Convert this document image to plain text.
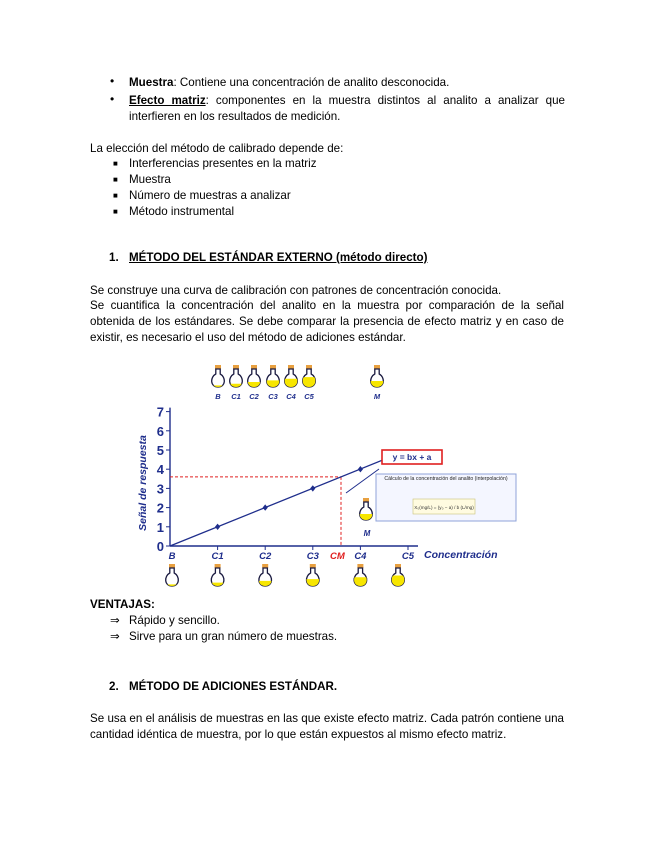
• Muestra: Contiene una concentración de analito desconocida.
• Efecto matriz: componentes en la muestra distintos al analito a analizar que interfieren en los resultados de medición.
La elección del método de calibrado depende de:
■ Interferencias presentes en la matriz
■ Muestra
■ Número de muestras a analizar
■ Método instrumental
1. MÉTODO DEL ESTÁNDAR EXTERNO (método directo)
Se construye una curva de calibración con patrones de concentración conocida.
Se cuantifica la concentración del analito en la muestra por comparación de la señal obtenida de los estándares. Se debe comparar la presencia de efecto matriz y en caso de existir, es necesario el uso del método de adiciones estándar.
B C1 C2 C3 C4 C5	M
M
0
1
2
3
4
5
6
7
B	C1	C2	C3	C4	C5
Señal de respuesta
Concentración
CM
y = bx + a
Cálculo de la concentración del analito (interpolación)
X₀(mg/L) = (y₀ − a) / b (L/mg)
VENTAJAS:
⇒ Rápido y sencillo.
⇒ Sirve para un gran número de muestras.
2. MÉTODO DE ADICIONES ESTÁNDAR.
Se usa en el análisis de muestras en las que existe efecto matriz. Cada patrón contiene una cantidad idéntica de muestra, por lo que están expuestos al mismo efecto matriz.
